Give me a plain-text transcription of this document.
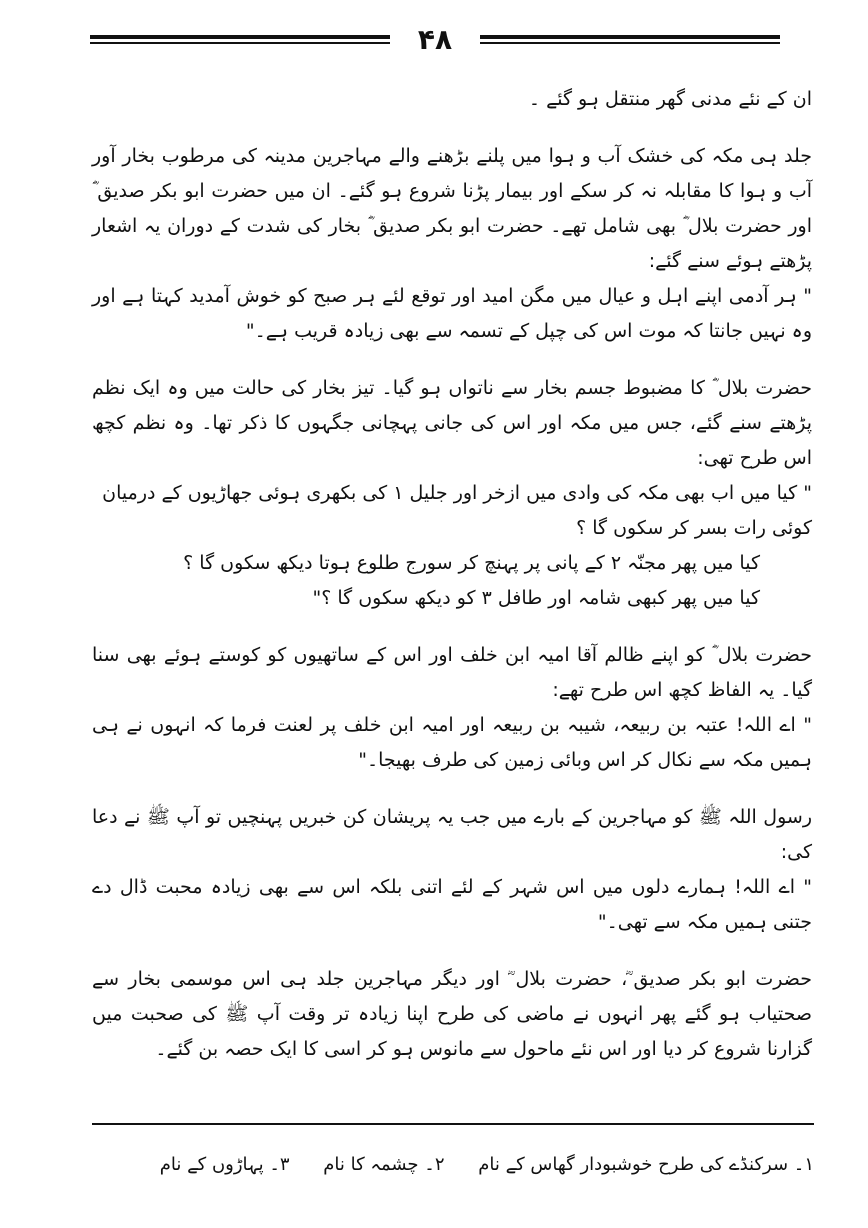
۴۸

ان کے نئے مدنی گھر منتقل ہو گئے ۔

جلد ہی مکہ کی خشک آب و ہوا میں پلنے بڑھنے والے مہاجرین مدینہ کی مرطوب بخار آور آب و ہوا کا مقابلہ نہ کر سکے اور بیمار پڑنا شروع ہو گئے۔ ان میں حضرت ابو بکر صدیق ؓ اور حضرت بلال ؓ بھی شامل تھے۔ حضرت ابو بکر صدیق ؓ بخار کی شدت کے دوران یہ اشعار پڑھتے ہوئے سنے گئے:

" ہر آدمی اپنے اہل و عیال میں مگن امید اور توقع لئے ہر صبح کو خوش آمدید کہتا ہے اور وہ نہیں جانتا کہ موت اس کی چپل کے تسمہ سے بھی زیادہ قریب ہے۔"

حضرت بلال ؓ کا مضبوط جسم بخار سے ناتواں ہو گیا۔ تیز بخار کی حالت میں وہ ایک نظم پڑھتے سنے گئے، جس میں مکہ اور اس کی جانی پہچانی جگہوں کا ذکر تھا۔ وہ نظم کچھ اس طرح تھی:

" کیا میں اب بھی مکہ کی وادی میں ازخر اور جلیل ۱ کی بکھری ہوئی جھاڑیوں کے درمیان کوئی رات بسر کر سکوں گا ؟

کیا میں پھر مجنّہ ۲ کے پانی پر پہنچ کر سورج طلوع ہوتا دیکھ سکوں گا ؟

کیا میں پھر کبھی شامہ اور طافل ۳ کو دیکھ سکوں گا ؟"

حضرت بلال ؓ کو اپنے ظالم آقا امیہ ابن خلف اور اس کے ساتھیوں کو کوستے ہوئے بھی سنا گیا۔ یہ الفاظ کچھ اس طرح تھے:

" اے اللہ! عتبہ بن ربیعہ، شیبہ بن ربیعہ اور امیہ ابن خلف پر لعنت فرما کہ انہوں نے ہی ہمیں مکہ سے نکال کر اس وبائی زمین کی طرف بھیجا۔"

رسول اللہ ﷺ کو مہاجرین کے بارے میں جب یہ پریشان کن خبریں پہنچیں تو آپ ﷺ نے دعا کی:

" اے اللہ! ہمارے دلوں میں اس شہر کے لئے اتنی بلکہ اس سے بھی زیادہ محبت ڈال دے جتنی ہمیں مکہ سے تھی۔"

حضرت ابو بکر صدیق ؓ، حضرت بلال ؓ اور دیگر مہاجرین جلد ہی اس موسمی بخار سے صحتیاب ہو گئے پھر انہوں نے ماضی کی طرح اپنا زیادہ تر وقت آپ ﷺ کی صحبت میں گزارنا شروع کر دیا اور اس نئے ماحول سے مانوس ہو کر اسی کا ایک حصہ بن گئے۔

۱۔ سرکنڈے کی طرح خوشبودار گھاس کے نام ۲۔ چشمہ کا نام ۳۔ پہاڑوں کے نام
